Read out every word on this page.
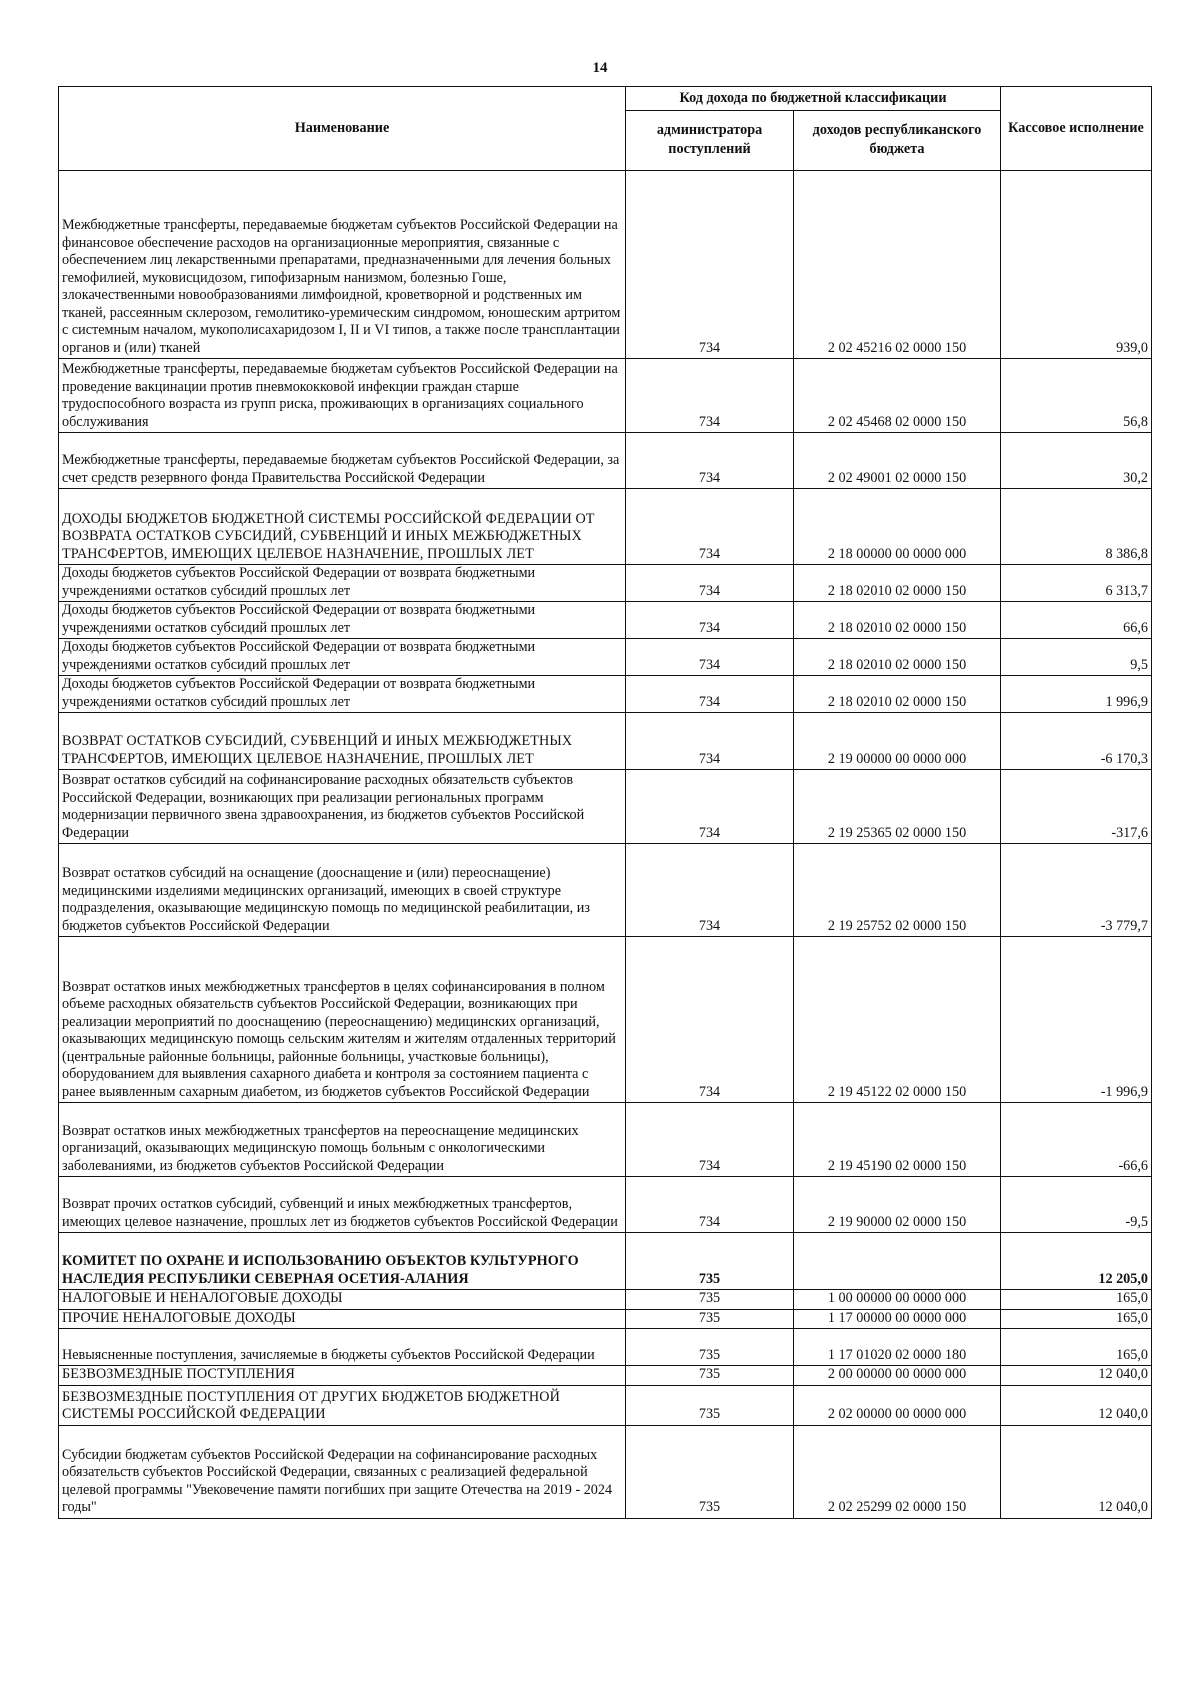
14
Наименование	Код дохода по бюджетной классификации		Кассовое исполнение
	администратора поступлений	доходов республиканского бюджета	
Межбюджетные трансферты, передаваемые бюджетам субъектов Российской Федерации на финансовое обеспечение расходов на организационные мероприятия, связанные с обеспечением лиц лекарственными препаратами, предназначенными для лечения больных гемофилией, муковисцидозом, гипофизарным нанизмом, болезнью Гоше, злокачественными новообразованиями лимфоидной, кроветворной и родственных им тканей, рассеянным склерозом, гемолитико-уремическим синдромом, юношеским артритом с системным началом, мукополисахаридозом I, II и VI типов, а также после трансплантации органов и (или) тканей	734	2 02 45216 02 0000 150	939,0
Межбюджетные трансферты, передаваемые бюджетам субъектов Российской Федерации на проведение вакцинации против пневмококковой инфекции граждан старше трудоспособного возраста из групп риска, проживающих в организациях социального обслуживания	734	2 02 45468 02 0000 150	56,8
Межбюджетные трансферты, передаваемые бюджетам субъектов Российской Федерации, за счет средств резервного фонда Правительства Российской Федерации	734	2 02 49001 02 0000 150	30,2
ДОХОДЫ БЮДЖЕТОВ БЮДЖЕТНОЙ СИСТЕМЫ РОССИЙСКОЙ ФЕДЕРАЦИИ ОТ ВОЗВРАТА ОСТАТКОВ СУБСИДИЙ, СУБВЕНЦИЙ И ИНЫХ МЕЖБЮДЖЕТНЫХ ТРАНСФЕРТОВ, ИМЕЮЩИХ ЦЕЛЕВОЕ НАЗНАЧЕНИЕ, ПРОШЛЫХ ЛЕТ	734	2 18 00000 00 0000 000	8 386,8
Доходы бюджетов субъектов Российской Федерации от возврата бюджетными учреждениями остатков субсидий прошлых лет	734	2 18 02010 02 0000 150	6 313,7
Доходы бюджетов субъектов Российской Федерации от возврата бюджетными учреждениями остатков субсидий прошлых лет	734	2 18 02010 02 0000 150	66,6
Доходы бюджетов субъектов Российской Федерации от возврата бюджетными учреждениями остатков субсидий прошлых лет	734	2 18 02010 02 0000 150	9,5
Доходы бюджетов субъектов Российской Федерации от возврата бюджетными учреждениями остатков субсидий прошлых лет	734	2 18 02010 02 0000 150	1 996,9
ВОЗВРАТ ОСТАТКОВ СУБСИДИЙ, СУБВЕНЦИЙ И ИНЫХ МЕЖБЮДЖЕТНЫХ ТРАНСФЕРТОВ, ИМЕЮЩИХ ЦЕЛЕВОЕ НАЗНАЧЕНИЕ, ПРОШЛЫХ ЛЕТ	734	2 19 00000 00 0000 000	-6 170,3
Возврат остатков субсидий на софинансирование расходных обязательств субъектов Российской Федерации, возникающих при реализации региональных программ модернизации первичного звена здравоохранения, из бюджетов субъектов Российской Федерации	734	2 19 25365 02 0000 150	-317,6
Возврат остатков субсидий на оснащение (дооснащение и (или) переоснащение) медицинскими изделиями медицинских организаций, имеющих в своей структуре подразделения, оказывающие медицинскую помощь по медицинской реабилитации, из бюджетов субъектов Российской Федерации	734	2 19 25752 02 0000 150	-3 779,7
Возврат остатков иных межбюджетных трансфертов в целях софинансирования в полном объеме расходных обязательств субъектов Российской Федерации, возникающих при реализации мероприятий по дооснащению (переоснащению) медицинских организаций, оказывающих медицинскую помощь сельским жителям и жителям отдаленных территорий (центральные районные больницы, районные больницы, участковые больницы), оборудованием для выявления сахарного диабета и контроля за состоянием пациента с ранее выявленным сахарным диабетом, из бюджетов субъектов Российской Федерации	734	2 19 45122 02 0000 150	-1 996,9
Возврат остатков иных межбюджетных трансфертов на переоснащение медицинских организаций, оказывающих медицинскую помощь больным с онкологическими заболеваниями, из бюджетов субъектов Российской Федерации	734	2 19 45190 02 0000 150	-66,6
Возврат прочих остатков субсидий, субвенций и иных межбюджетных трансфертов, имеющих целевое назначение, прошлых лет из бюджетов субъектов Российской Федерации	734	2 19 90000 02 0000 150	-9,5
КОМИТЕТ ПО ОХРАНЕ И ИСПОЛЬЗОВАНИЮ ОБЪЕКТОВ КУЛЬТУРНОГО НАСЛЕДИЯ РЕСПУБЛИКИ СЕВЕРНАЯ ОСЕТИЯ-АЛАНИЯ	735		12 205,0
НАЛОГОВЫЕ И НЕНАЛОГОВЫЕ ДОХОДЫ	735	1 00 00000 00 0000 000	165,0
ПРОЧИЕ НЕНАЛОГОВЫЕ ДОХОДЫ	735	1 17 00000 00 0000 000	165,0
Невыясненные поступления, зачисляемые в бюджеты субъектов Российской Федерации	735	1 17 01020 02 0000 180	165,0
БЕЗВОЗМЕЗДНЫЕ ПОСТУПЛЕНИЯ	735	2 00 00000 00 0000 000	12 040,0
БЕЗВОЗМЕЗДНЫЕ ПОСТУПЛЕНИЯ ОТ ДРУГИХ БЮДЖЕТОВ БЮДЖЕТНОЙ СИСТЕМЫ РОССИЙСКОЙ ФЕДЕРАЦИИ	735	2 02 00000 00 0000 000	12 040,0
Субсидии бюджетам субъектов Российской Федерации на софинансирование расходных обязательств субъектов Российской Федерации, связанных с реализацией федеральной целевой программы "Увековечение памяти погибших при защите Отечества на 2019 - 2024 годы"	735	2 02 25299 02 0000 150	12 040,0
